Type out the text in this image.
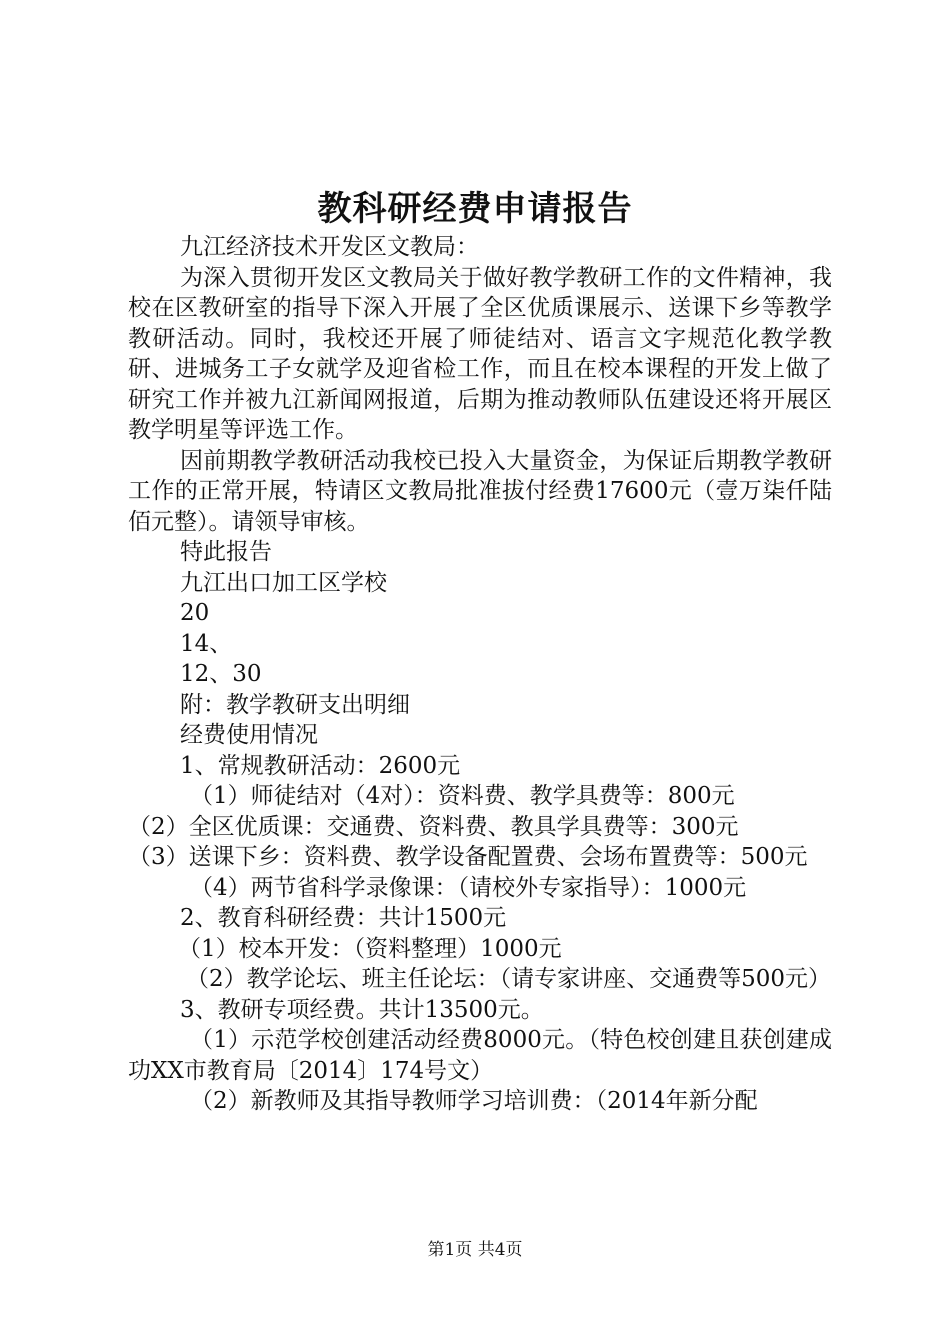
教科研经费申请报告

九江经济技术开发区文教局：

为深入贯彻开发区文教局关于做好教学教研工作的文件精神，我校在区教研室的指导下深入开展了全区优质课展示、送课下乡等教学教研活动。同时，我校还开展了师徒结对、语言文字规范化教学教研、进城务工子女就学及迎省检工作，而且在校本课程的开发上做了研究工作并被九江新闻网报道，后期为推动教师队伍建设还将开展区教学明星等评选工作。

因前期教学教研活动我校已投入大量资金，为保证后期教学教研工作的正常开展，特请区文教局批准拔付经费17600元（壹万柒仟陆佰元整）。请领导审核。

特此报告

九江出口加工区学校

20

14、

12、30

附：教学教研支出明细

经费使用情况

1、常规教研活动：2600元

（1）师徒结对（4对）：资料费、教学具费等：800元

（2）全区优质课：交通费、资料费、教具学具费等：300元

（3）送课下乡：资料费、教学设备配置费、会场布置费等：500元

（4）两节省科学录像课：（请校外专家指导）：1000元

2、教育科研经费：共计1500元

（1）校本开发：（资料整理）1000元

（2）教学论坛、班主任论坛：（请专家讲座、交通费等500元）

3、教研专项经费。共计13500元。

（1）示范学校创建活动经费8000元。（特色校创建且获创建成功XX市教育局〔2014〕174号文）

（2）新教师及其指导教师学习培训费：（2014年新分配

第1页 共4页
